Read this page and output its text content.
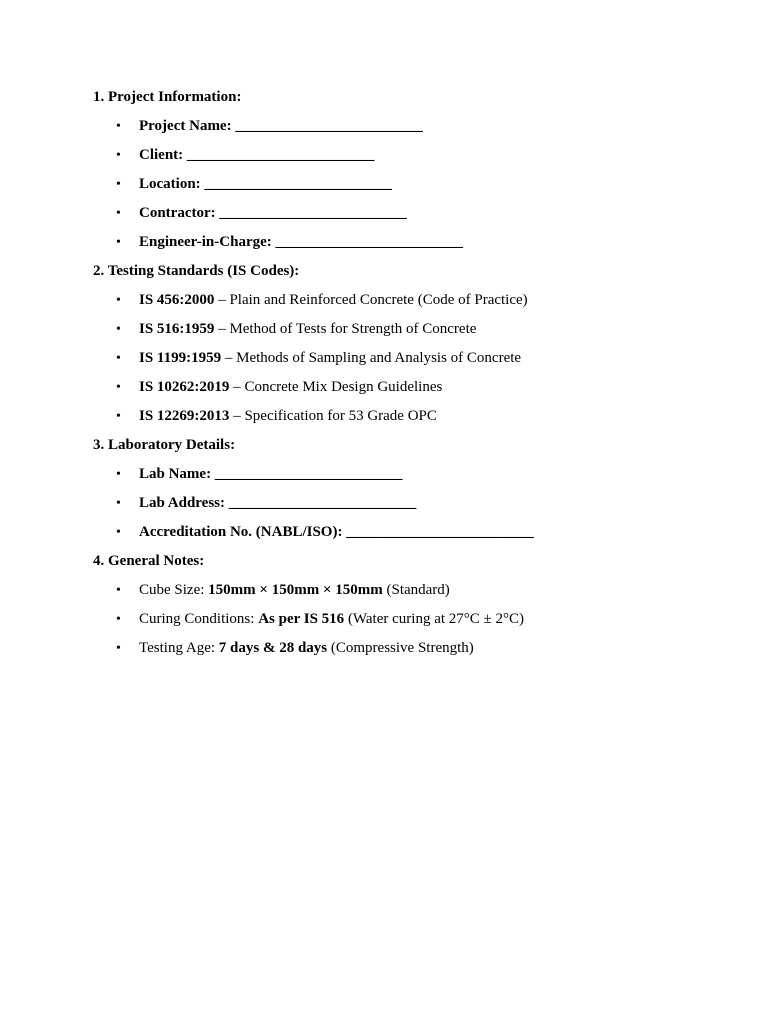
1. Project Information:
• Project Name: _________________________
• Client: _________________________
• Location: _________________________
• Contractor: _________________________
• Engineer-in-Charge: _________________________
2. Testing Standards (IS Codes):
• IS 456:2000 – Plain and Reinforced Concrete (Code of Practice)
• IS 516:1959 – Method of Tests for Strength of Concrete
• IS 1199:1959 – Methods of Sampling and Analysis of Concrete
• IS 10262:2019 – Concrete Mix Design Guidelines
• IS 12269:2013 – Specification for 53 Grade OPC
3. Laboratory Details:
• Lab Name: _________________________
• Lab Address: _________________________
• Accreditation No. (NABL/ISO): _________________________
4. General Notes:
• Cube Size: 150mm × 150mm × 150mm (Standard)
• Curing Conditions: As per IS 516 (Water curing at 27°C ± 2°C)
• Testing Age: 7 days & 28 days (Compressive Strength)
